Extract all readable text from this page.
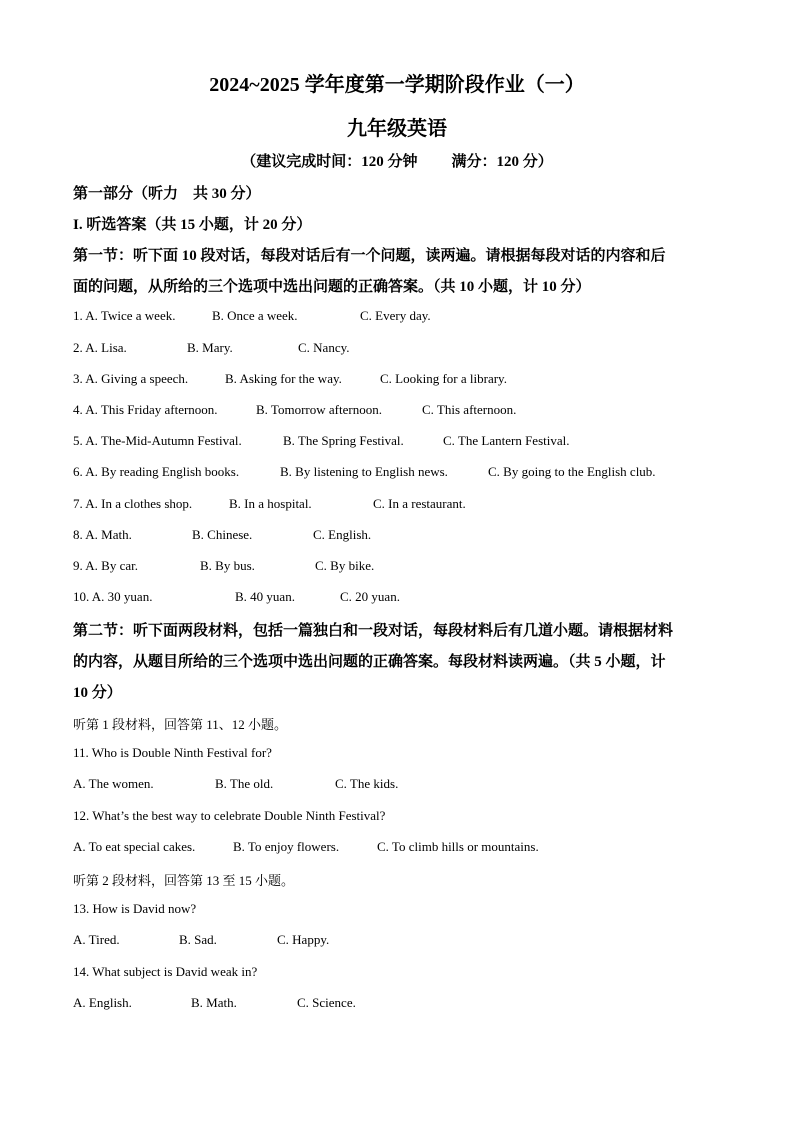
2024~2025 学年度第一学期阶段作业（一）
九年级英语
（建议完成时间：120 分钟 满分：120 分）
第一部分（听力　共 30 分）
I. 听选答案（共 15 小题，计 20 分）
第一节：听下面 10 段对话，每段对话后有一个问题，读两遍。请根据每段对话的内容和后
面的问题，从所给的三个选项中选出问题的正确答案。（共 10 小题，计 10 分）
1. A. Twice a week.	B. Once a week.	C. Every day.
2. A. Lisa.	B. Mary.	C. Nancy.
3. A. Giving a speech.	B. Asking for the way.	C. Looking for a library.
4. A. This Friday afternoon.	B. Tomorrow afternoon.	C. This afternoon.
5. A. The-Mid-Autumn Festival.	B. The Spring Festival.	C. The Lantern Festival.
6. A. By reading English books.	B. By listening to English news.	C. By going to the English club.
7. A. In a clothes shop.	B. In a hospital.	C. In a restaurant.
8. A. Math.	B. Chinese.	C. English.
9. A. By car.	B. By bus.	C. By bike.
10. A. 30 yuan.	B. 40 yuan.	C. 20 yuan.
第二节：听下面两段材料，包括一篇独白和一段对话，每段材料后有几道小题。请根据材料
的内容，从题目所给的三个选项中选出问题的正确答案。每段材料读两遍。（共 5 小题，计
10 分）
听第 1 段材料，回答第 11、12 小题。
11. Who is Double Ninth Festival for?
A. The women.	B. The old.	C. The kids.
12. What’s the best way to celebrate Double Ninth Festival?
A. To eat special cakes.	B. To enjoy flowers.	C. To climb hills or mountains.
听第 2 段材料，回答第 13 至 15 小题。
13. How is David now?
A. Tired.	B. Sad.	C. Happy.
14. What subject is David weak in?
A. English.	B. Math.	C. Science.
